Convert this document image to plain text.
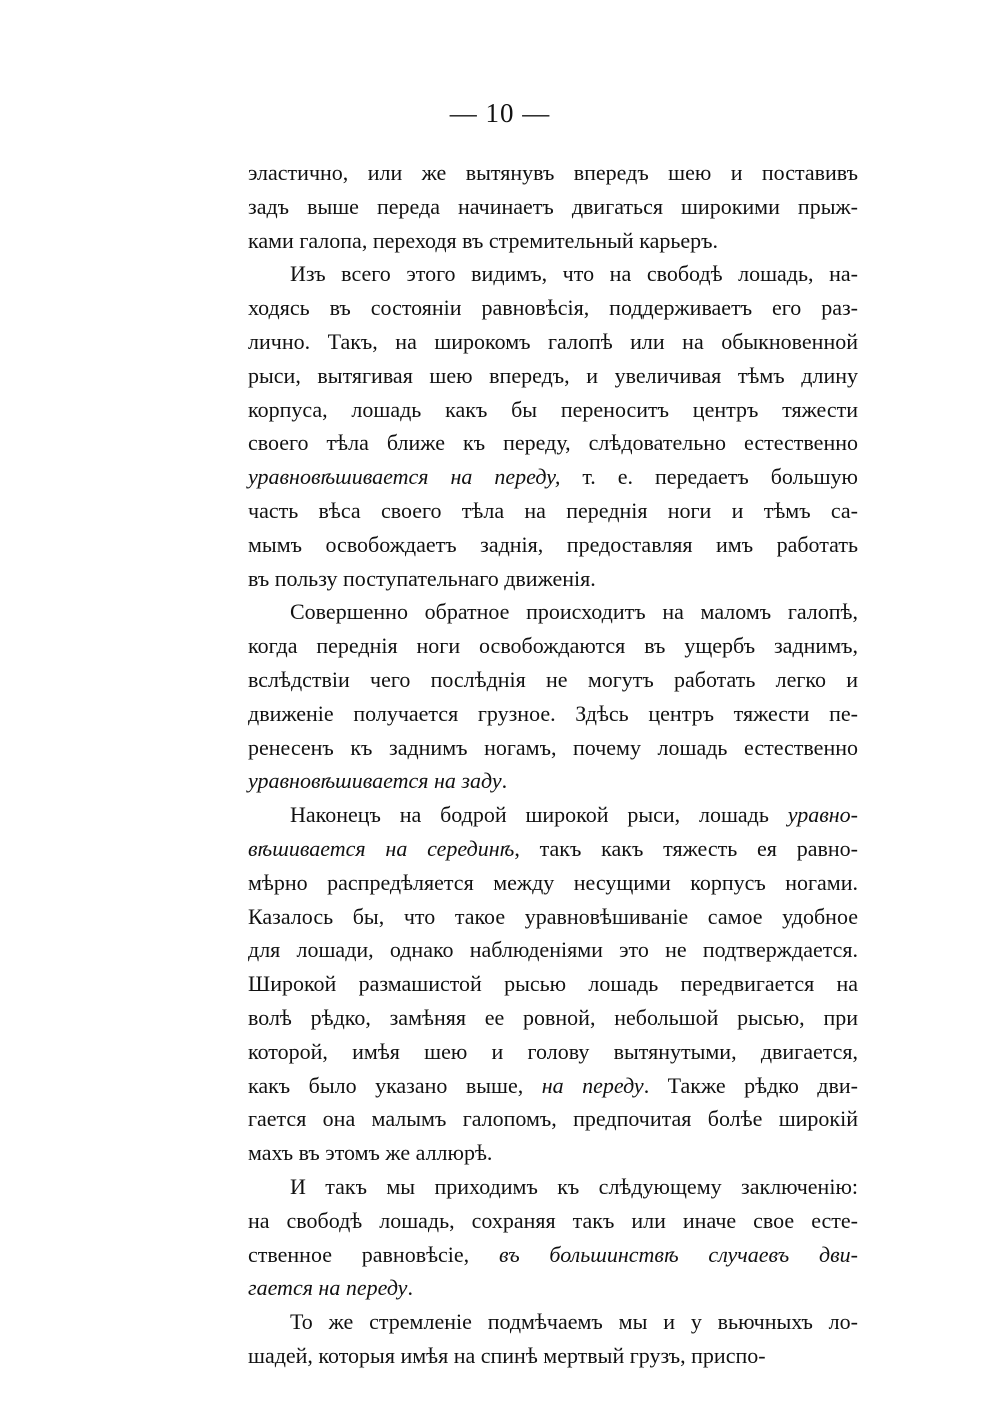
— 10 —
эластично, или же вытянувъ впередъ шею и поставивъ
задъ выше передa начинаетъ двигаться широкими прыж-
ками галопа, переходя въ стремительный карьеръ.
Изъ всего этого видимъ, что на свободѣ лошадь, на-
ходясь въ состояніи равновѣсія, поддерживаетъ его раз-
лично. Такъ, на широкомъ галопѣ или на обыкновенной
рыси, вытягивая шею впередъ, и увеличивая тѣмъ длину
корпуса, лошадь какъ бы переноситъ центръ тяжести
своего тѣла ближе къ переду, слѣдовательно естественно
уравновѣшивается на переду, т. е. передаетъ большую
часть вѣса своего тѣла на переднія ноги и тѣмъ са-
мымъ освобождаетъ заднія, предоставляя имъ работать
въ пользу поступательнаго движенія.
Совершенно обратное происходитъ на маломъ галопѣ,
когда переднія ноги освобождаются въ ущербъ заднимъ,
вслѣдствіи чего послѣднія не могутъ работать легко и
движеніе получается грузное. Здѣсь центръ тяжести пе-
ренесенъ къ заднимъ ногамъ, почему лошадь естественно
уравновѣшивается на заду.
Наконецъ на бодрой широкой рыси, лошадь уравно-
вѣшивается на серединѣ, такъ какъ тяжесть ея равно-
мѣрно распредѣляется между несущими корпусъ ногами.
Казалось бы, что такое уравновѣшиваніе самое удобное
для лошади, однако наблюденіями это не подтверждается.
Широкой размашистой рысью лошадь передвигается на
волѣ рѣдко, замѣняя ее ровной, небольшой рысью, при
которой, имѣя шею и голову вытянутыми, двигается,
какъ было указано выше, на переду. Также рѣдко дви-
гается она малымъ галопомъ, предпочитая болѣе широкій
махъ въ этомъ же аллюрѣ.
И такъ мы приходимъ къ слѣдующему заключенію:
на свободѣ лошадь, сохраняя такъ или иначе свое есте-
ственное равновѣсіе, въ большинствѣ случаевъ дви-
гается на переду.
То же стремленіе подмѣчаемъ мы и у вьючныхъ ло-
шадей, которыя имѣя на спинѣ мертвый грузъ, приспо-
